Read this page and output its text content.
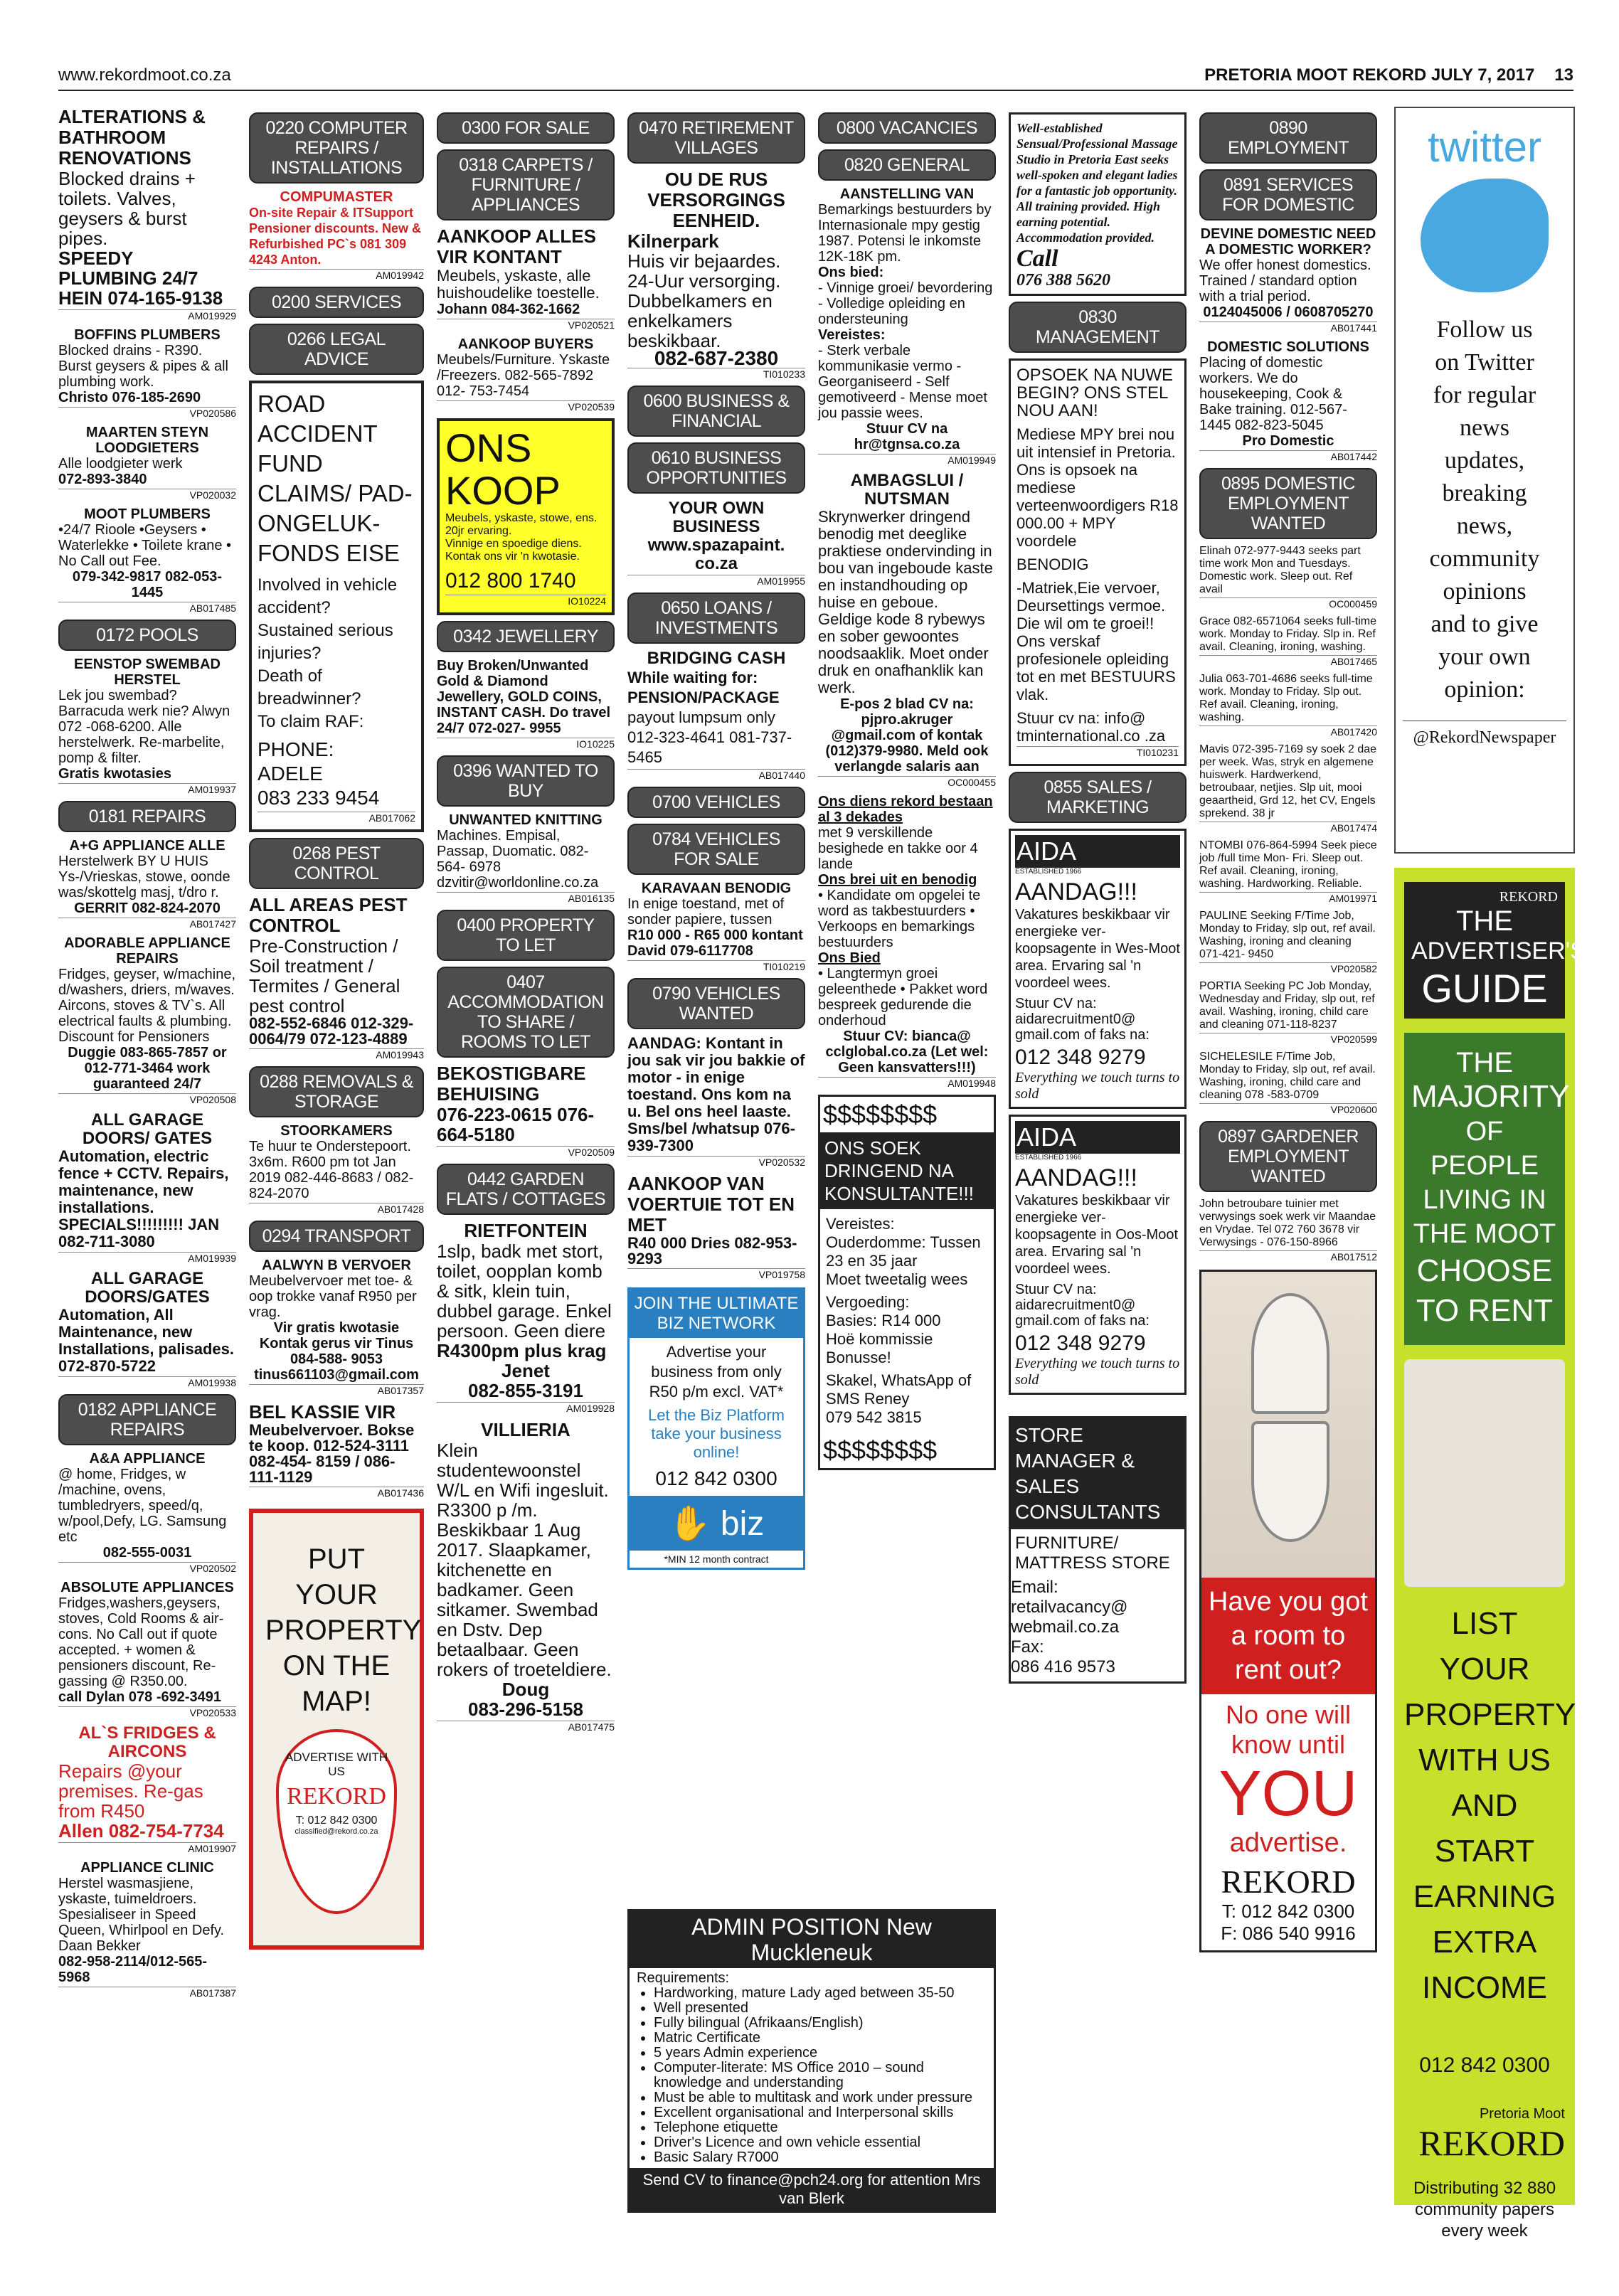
www.rekordmoot.co.za	PRETORIA MOOT REKORD JULY 7, 2017 13
ALTERATIONS & BATHROOM RENOVATIONS
Blocked drains + toilets. Valves, geysers & burst pipes.
SPEEDY PLUMBING 24/7 HEIN 074-165-9138
AM019929
BOFFINS PLUMBERS
Blocked drains - R390. Burst geysers & pipes & all plumbing work.
Christo 076-185-2690
VP020586
MAARTEN STEYN LOODGIETERS
Alle loodgieter werk
072-893-3840
VP020032
MOOT PLUMBERS
•24/7 Rioole •Geysers • Waterlekke • Toilete krane • No Call out Fee.
079-342-9817 082-053-1445
AB017485
0172 POOLS
EENSTOP SWEMBAD HERSTEL
Lek jou swembad? Barracuda werk nie? Alwyn 072 -068-6200. Alle herstelwerk. Re-marbelite, pomp & filter.
Gratis kwotasies
AM019937
0181 REPAIRS
A+G APPLIANCE ALLE
Herstelwerk BY U HUIS Ys-/Vrieskas, stowe, oonde was/skottelg masj, t/dro r.
GERRIT 082-824-2070
AB017427
ADORABLE APPLIANCE REPAIRS
Fridges, geyser, w/machine, d/washers, driers, m/waves. Aircons, stoves & TV`s. All electrical faults & plumbing. Discount for Pensioners
Duggie 083-865-7857 or 012-771-3464 work guaranteed 24/7
VP020508
ALL GARAGE DOORS/ GATES
Automation, electric fence + CCTV. Repairs, maintenance, new installations. SPECIALS!!!!!!!!! JAN 082-711-3080
AM019939
ALL GARAGE DOORS/GATES
Automation, All Maintenance, new Installations, palisades. 072-870-5722
AM019938
0182 APPLIANCE REPAIRS
A&A APPLIANCE
@ home, Fridges, w /machine, ovens, tumbledryers, speed/q, w/pool,Defy, LG. Samsung etc
082-555-0031
VP020502
ABSOLUTE APPLIANCES
Fridges,washers,geysers, stoves, Cold Rooms & air-cons. No Call out if quote accepted. + women & pensioners discount, Re-gassing @ R350.00.
call Dylan 078 -692-3491
VP020533
AL`S FRIDGES & AIRCONS
Repairs @your premises. Re-gas from R450
Allen 082-754-7734
AM019907
APPLIANCE CLINIC
Herstel wasmasjiene, yskaste, tuimeldroers. Spesialiseer in Speed Queen, Whirlpool en Defy. Daan Bekker
082-958-2114/012-565-5968
AB017387
0220 COMPUTER REPAIRS / INSTALLATIONS
COMPUMASTER
On-site Repair & ITSupport Pensioner discounts. New & Refurbished PC`s 081 309 4243 Anton.
AM019942
0200 SERVICES
0266 LEGAL ADVICE
ROAD ACCIDENT FUND CLAIMS/ PAD-ONGELUK-FONDS EISE
Involved in vehicle accident?
Sustained serious injuries?
Death of breadwinner?
To claim RAF:
PHONE:
ADELE
083 233 9454
AB017062
0268 PEST CONTROL
ALL AREAS PEST CONTROL
Pre-Construction / Soil treatment / Termites / General pest control
082-552-6846 012-329-0064/79 072-123-4889
AM019943
0288 REMOVALS & STORAGE
STOORKAMERS
Te huur te Onderstepoort. 3x6m. R600 pm tot Jan 2019 082-446-8683 / 082-824-2070
AB017428
0294 TRANSPORT
AALWYN B VERVOER
Meubelvervoer met toe- & oop trokke vanaf R950 per vrag.
Vir gratis kwotasie Kontak gerus vir Tinus 084-588- 9053 tinus661103@gmail.com
AB017357
BEL KASSIE VIR
Meubelvervoer. Bokse te koop. 012-524-3111 082-454- 8159 / 086-111-1129
AB017436
PUT YOUR PROPERTY ON THE MAP!
ADVERTISE WITH US
REKORD
T: 012 842 0300
classified@rekord.co.za
0300 FOR SALE
0318 CARPETS / FURNITURE / APPLIANCES
AANKOOP ALLES VIR KONTANT
Meubels, yskaste, alle huishoudelike toestelle.
Johann 084-362-1662
VP020521
AANKOOP BUYERS
Meubels/Furniture. Yskaste /Freezers. 082-565-7892 012- 753-7454
VP020539
ONS KOOP
Meubels, yskaste, stowe, ens.
20jr ervaring.
Vinnige en spoedige diens.
Kontak ons vir 'n kwotasie.
012 800 1740
IO10224
0342 JEWELLERY
Buy Broken/Unwanted Gold & Diamond Jewellery, GOLD COINS, INSTANT CASH. Do travel 24/7 072-027- 9955
IO10225
0396 WANTED TO BUY
UNWANTED KNITTING
Machines. Empisal, Passap, Duomatic. 082-564- 6978 dzvitir@worldonline.co.za
AB016135
0400 PROPERTY TO LET
0407 ACCOMMODATION TO SHARE / ROOMS TO LET
BEKOSTIGBARE BEHUISING
076-223-0615 076- 664-5180
VP020509
0442 GARDEN FLATS / COTTAGES
RIETFONTEIN
1slp, badk met stort, toilet, oopplan komb & sitk, klein tuin, dubbel garage. Enkel persoon. Geen diere
R4300pm plus krag
Jenet
082-855-3191
AM019928
VILLIERIA
Klein studentewoonstel W/L en Wifi ingesluit. R3300 p /m. Beskikbaar 1 Aug 2017. Slaapkamer, kitchenette en badkamer. Geen sitkamer. Swembad en Dstv. Dep betaalbaar. Geen rokers of troeteldiere.
Doug
083-296-5158
AB017475
0470 RETIREMENT VILLAGES
OU DE RUS VERSORGINGS EENHEID.
Kilnerpark
Huis vir bejaardes. 24-Uur versorging. Dubbelkamers en enkelkamers beskikbaar.
082-687-2380
TI010233
0600 BUSINESS & FINANCIAL
0610 BUSINESS OPPORTUNITIES
YOUR OWN BUSINESS www.spazapaint. co.za
AM019955
0650 LOANS / INVESTMENTS
BRIDGING CASH
While waiting for: PENSION/PACKAGE
payout lumpsum only 012-323-4641 081-737-5465
AB017440
0700 VEHICLES
0784 VEHICLES FOR SALE
KARAVAAN BENODIG
In enige toestand, met of sonder papiere, tussen
R10 000 - R65 000 kontant David 079-6117708
TI010219
0790 VEHICLES WANTED
AANDAG: Kontant in jou sak vir jou bakkie of motor - in enige toestand. Ons kom na u. Bel ons heel laaste. Sms/bel /whatsup 076-939-7300
VP020532
AANKOOP VAN VOERTUIE TOT EN MET
R40 000 Dries 082-953-9293
VP019758
JOIN THE ULTIMATE BIZ NETWORK
Advertise your business from only R50 p/m excl. VAT*
Let the Biz Platform take your business online!
012 842 0300
✋ biz
*MIN 12 month contract
ADMIN POSITION New Muckleneuk
Requirements:
• Hardworking, mature Lady aged between 35-50
• Well presented
• Fully bilingual (Afrikaans/English)
• Matric Certificate
• 5 years Admin experience
• Computer-literate: MS Office 2010 – sound knowledge and understanding
• Must be able to multitask and work under pressure
• Excellent organisational and Interpersonal skills
• Telephone etiquette
• Driver's Licence and own vehicle essential
• Basic Salary R7000
Send CV to finance@pch24.org for attention Mrs van Blerk
0800 VACANCIES
0820 GENERAL
AANSTELLING VAN
Bemarkings bestuurders by Internasionale mpy gestig 1987. Potensi le inkomste 12K-18K pm.
Ons bied:
- Vinnige groei/ bevordering - Volledige opleiding en ondersteuning
Vereistes:
- Sterk verbale kommunikasie vermo - Georganiseerd - Self gemotiveerd - Mense moet jou passie wees.
Stuur CV na hr@tgnsa.co.za
AM019949
AMBAGSLUI / NUTSMAN
Skrynwerker dringend benodig met deeglike praktiese ondervinding in bou van ingeboude kaste en instandhouding op huise en geboue. Geldige kode 8 rybewys en sober gewoontes noodsaaklik. Moet onder druk en onafhanklik kan werk.
E-pos 2 blad CV na: pjpro.akruger @gmail.com of kontak (012)379-9980. Meld ook verlangde salaris aan
OC000455
Ons diens rekord bestaan al 3 dekades
met 9 verskillende besighede en takke oor 4 lande
Ons brei uit en benodig
• Kandidate om opgelei te word as takbestuurders • Verkoops en bemarkings bestuurders
Ons Bied
• Langtermyn groei geleenthede • Pakket word bespreek gedurende die onderhoud
Stuur CV: bianca@ cclglobal.co.za (Let wel: Geen kansvatters!!!)
AM019948
$$$$$$$$
ONS SOEK DRINGEND NA KONSULTANTE!!!
Vereistes:
Ouderdomme: Tussen 23 en 35 jaar
Moet tweetalig wees
Vergoeding:
Basies: R14 000
Hoë kommissie
Bonusse!
Skakel, WhatsApp of SMS Reney
079 542 3815
$$$$$$$$
Well-established Sensual/Professional Massage Studio in Pretoria East seeks well-spoken and elegant ladies for a fantastic job opportunity.
All training provided. High earning potential. Accommodation provided.
Call
076 388 5620
0830 MANAGEMENT
OPSOEK NA NUWE BEGIN? ONS STEL NOU AAN!
Mediese MPY brei nou uit intensief in Pretoria. Ons is opsoek na mediese verteenwoordigers R18 000.00 + MPY voordele
BENODIG
-Matriek,Eie vervoer, Deursettings vermoe. Die wil om te groei!! Ons verskaf profesionele opleiding tot en met BESTUURS vlak.
Stuur cv na: info@ tminternational.co .za
TI010231
0855 SALES / MARKETING
AIDA
ESTABLISHED 1966
AANDAG!!!
Vakatures beskikbaar vir energieke ver-koopsagente in Wes-Moot area. Ervaring sal 'n voordeel wees.
Stuur CV na: aidarecruitment0@ gmail.com of faks na:
012 348 9279
Everything we touch turns to sold
AIDA
ESTABLISHED 1966
AANDAG!!!
Vakatures beskikbaar vir energieke ver-koopsagente in Oos-Moot area. Ervaring sal 'n voordeel wees.
Stuur CV na: aidarecruitment0@ gmail.com of faks na:
012 348 9279
Everything we touch turns to sold
STORE MANAGER & SALES CONSULTANTS
FURNITURE/ MATTRESS STORE
Email:
retailvacancy@ webmail.co.za
Fax:
086 416 9573
0890 EMPLOYMENT
0891 SERVICES FOR DOMESTIC
DEVINE DOMESTIC NEED A DOMESTIC WORKER?
We offer honest domestics. Trained / standard option with a trial period.
0124045006 / 0608705270
AB017441
DOMESTIC SOLUTIONS
Placing of domestic workers. We do housekeeping, Cook & Bake training. 012-567-1445 082-823-5045
Pro Domestic
AB017442
0895 DOMESTIC EMPLOYMENT WANTED
Elinah 072-977-9443 seeks part time work Mon and Tuesdays. Domestic work. Sleep out. Ref avail
OC000459
Grace 082-6571064 seeks full-time work. Monday to Friday. Slp in. Ref avail. Cleaning, ironing, washing.
AB017465
Julia 063-701-4686 seeks full-time work. Monday to Friday. Slp out. Ref avail. Cleaning, ironing, washing.
AB017420
Mavis 072-395-7169 sy soek 2 dae per week. Was, stryk en algemene huiswerk. Hardwerkend, betroubaar, netjies. Slp uit, mooi geaartheid, Grd 12, het CV, Engels sprekend. 38 jr
AB017474
NTOMBI 076-864-5994 Seek piece job /full time Mon- Fri. Sleep out. Ref avail. Cleaning, ironing, washing. Hardworking. Reliable.
AM019971
PAULINE Seeking F/Time Job, Monday to Friday, slp out, ref avail. Washing, ironing and cleaning 071-421- 9450
VP020582
PORTIA Seeking PC Job Monday, Wednesday and Friday, slp out, ref avail. Washing, ironing, child care and cleaning 071-118-8237
VP020599
SICHELESILE F/Time Job, Monday to Friday, slp out, ref avail. Washing, ironing, child care and cleaning 078 -583-0709
VP020600
0897 GARDENER EMPLOYMENT WANTED
John betroubare tuinier met verwysings soek werk vir Maandae en Vrydae. Tel 072 760 3678 vir Verwysings - 076-150-8966
AB017512
Have you got a room to rent out?
No one will know until
YOU
advertise.
REKORD
T: 012 842 0300
F: 086 540 9916
twitter
Follow us on Twitter for regular news updates, breaking news, community opinions and to give your own opinion:
@RekordNewspaper
REKORD
THE
ADVERTISER'S
GUIDE
THE
MAJORITY
OF PEOPLE LIVING IN THE MOOT
CHOOSE TO RENT
LIST YOUR PROPERTY WITH US AND START EARNING EXTRA INCOME
012 842 0300
Pretoria Moot
REKORD
Distributing 32 880 community papers every week
